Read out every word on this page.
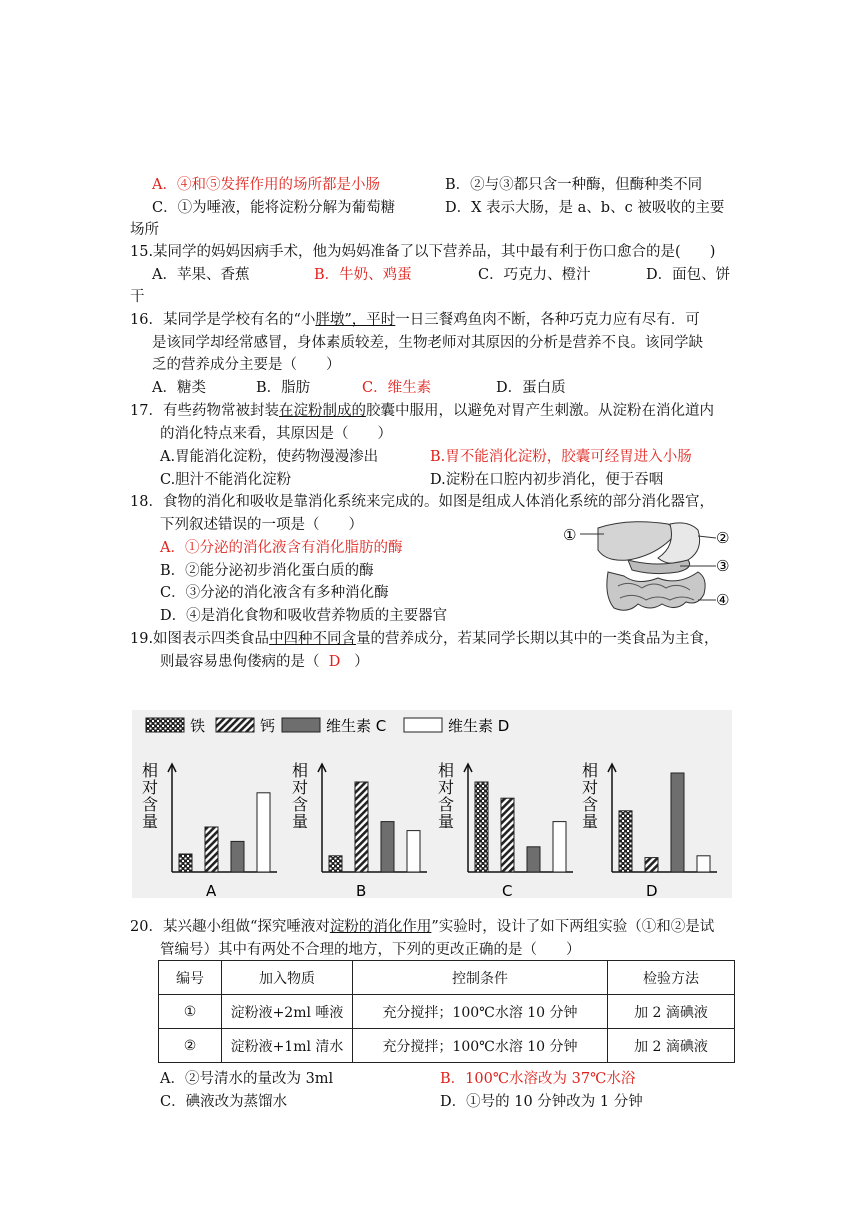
A．④和⑤发挥作用的场所都是小肠	B．②与③都只含一种酶，但酶种类不同
C．①为唾液，能将淀粉分解为葡萄糖	D．X 表示大肠，是 a、b、c 被吸收的主要
场所
15.某同学的妈妈因病手术，他为妈妈准备了以下营养品，其中最有利于伤口愈合的是(　　)
A．苹果、香蕉	B．牛奶、鸡蛋	C．巧克力、橙汁	D．面包、饼
干
16．某同学是学校有名的“小胖墩”，平时一日三餐鸡鱼肉不断，各种巧克力应有尽有．可
是该同学却经常感冒，身体素质较差，生物老师对其原因的分析是营养不良。该同学缺
乏的营养成分主要是（　　）
A．糖类	B．脂肪	C．维生素	D．蛋白质
17．有些药物常被封装在淀粉制成的胶囊中服用，以避免对胃产生刺激。从淀粉在消化道内
的消化特点来看，其原因是（　　）
A.胃能消化淀粉，使药物漫漫渗出	B.胃不能消化淀粉，胶囊可经胃进入小肠
C.胆汁不能消化淀粉	D.淀粉在口腔内初步消化，便于吞咽
18．食物的消化和吸收是靠消化系统来完成的。如图是组成人体消化系统的部分消化器官，
下列叙述错误的一项是（　　）
A．①分泌的消化液含有消化脂肪的酶
B．②能分泌初步消化蛋白质的酶
C．③分泌的消化液含有多种消化酶
D．④是消化食物和吸收营养物质的主要器官
①	②
③
④
19.如图表示四类食品中四种不同含量的营养成分，若某同学长期以其中的一类食品为主食，
则最容易患佝偻病的是（ D ）
铁	钙	维生素 C	维生素 D
相
对
含
量
A
相
对
含
量
B
相
对
含
量
C
相
对
含
量
D
20．某兴趣小组做“探究唾液对淀粉的消化作用”实验时，设计了如下两组实验（①和②是试
管编号）其中有两处不合理的地方，下列的更改正确的是（　　）
编号	加入物质	控制条件	检验方法
①	淀粉液+2ml 唾液	充分搅拌；100℃水溶 10 分钟	加 2 滴碘液
②	淀粉液+1ml 清水	充分搅拌；100℃水溶 10 分钟	加 2 滴碘液
A．②号清水的量改为 3ml	B．100℃水溶改为 37℃水浴
C．碘液改为蒸馏水	D．①号的 10 分钟改为 1 分钟
